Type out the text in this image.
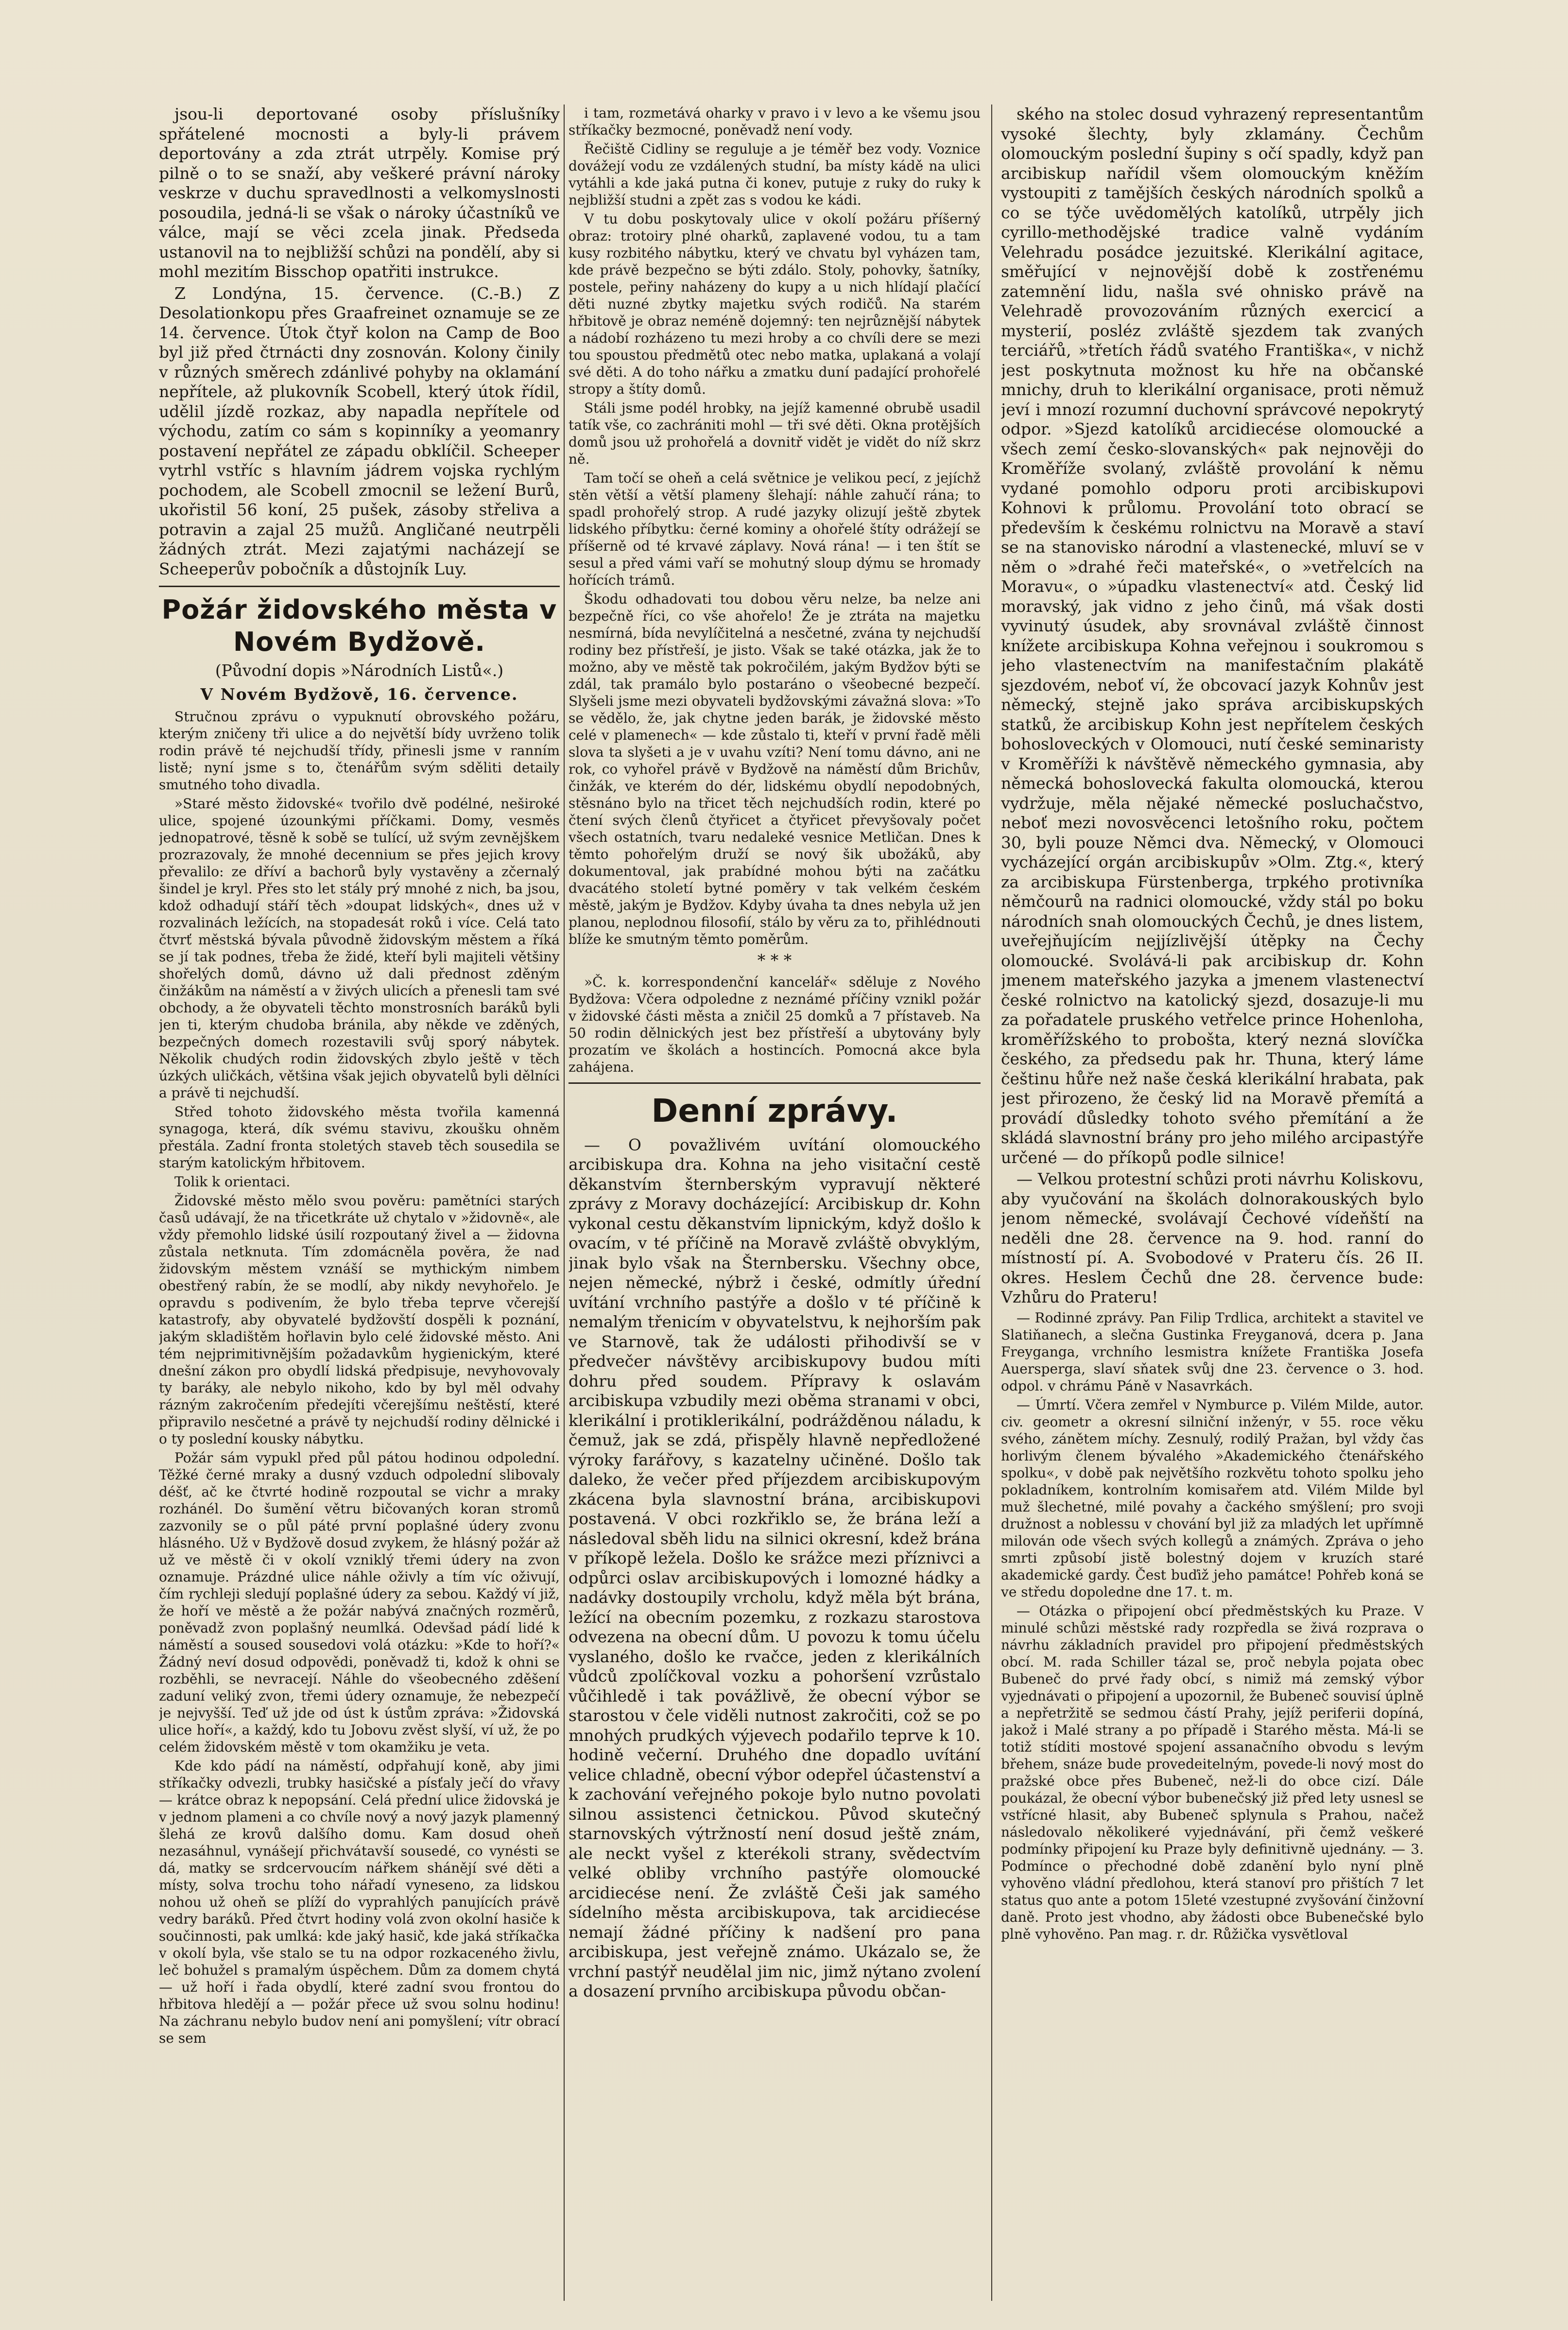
jsou-li deportované osoby příslušníky spřátelené mocnosti a byly-li právem deportovány a zda ztrát utrpěly. Komise prý pilně o to se snaží, aby veškeré právní nároky veskrze v duchu spravedlnosti a velkomyslnosti posoudila, jedná-li se však o nároky účastníků ve válce, mají se věci zcela jinak. Předseda ustanovil na to nejbližší schůzi na pondělí, aby si mohl mezitím Bisschop opatřiti instrukce.

Z Londýna, 15. července. (C.-B.) Z Desolationkopu přes Graafreinet oznamuje se ze 14. července. Útok čtyř kolon na Camp de Boo byl již před čtrnácti dny zosnován. Kolony činily v různých směrech zdánlivé pohyby na oklamání nepřítele, až plukovník Scobell, který útok řídil, udělil jízdě rozkaz, aby napadla nepřítele od východu, zatím co sám s kopinníky a yeomanry postavení nepřátel ze západu obklíčil. Scheeper vytrhl vstříc s hlavním jádrem vojska rychlým pochodem, ale Scobell zmocnil se ležení Burů, ukořistil 56 koní, 25 pušek, zásoby střeliva a potravin a zajal 25 mužů. Angličané neutrpěli žádných ztrát. Mezi zajatými nacházejí se Scheeperův pobočník a důstojník Luy.

Požár židovského města v Novém Bydžově.
(Původní dopis »Národních Listů«.)
V Novém Bydžově, 16. července.

Stručnou zprávu o vypuknutí obrovského požáru, kterým zničeny tři ulice a do největší bídy uvrženo tolik rodin právě té nejchudší třídy, přinesli jsme v ranním listě; nyní jsme s to, čtenářům svým sděliti detaily smutného toho divadla.

»Staré město židovské« tvořilo dvě podélné, neširoké ulice, spojené úzounkými příčkami. Domy, vesměs jednopatrové, těsně k sobě se tulící, už svým zevnějškem prozrazovaly, že mnohé decennium se přes jejich krovy převalilo: ze dříví a bachorů byly vystavěny a zčernalý šindel je kryl. Přes sto let stály prý mnohé z nich, ba jsou, kdož odhadují stáří těch »doupat lidských«, dnes už v rozvalinách ležících, na stopadesát roků i více. Celá tato čtvrť městská bývala původně židovským městem a říká se jí tak podnes, třeba že židé, kteří byli majiteli většiny shořelých domů, dávno už dali přednost zděným činžákům na náměstí a v živých ulicích a přenesli tam své obchody, a že obyvateli těchto monstrosních baráků byli jen ti, kterým chudoba bránila, aby někde ve zděných, bezpečných domech rozestavili svůj sporý nábytek. Několik chudých rodin židovských zbylo ještě v těch úzkých uličkách, většina však jejich obyvatelů byli dělníci a právě ti nejchudší.

Střed tohoto židovského města tvořila kamenná synagoga, která, dík svému stavivu, zkoušku ohněm přestála. Zadní fronta stoletých staveb těch sousedila se starým katolickým hřbitovem.

Tolik k orientaci.

Židovské město mělo svou pověru: pamětníci starých časů udávají, že na třicetkráte už chytalo v »židovně«, ale vždy přemohlo lidské úsilí rozpoutaný živel a — židovna zůstala netknuta. Tím zdomácněla pověra, že nad židovským městem vznáší se mythickým nimbem obestřený rabín, že se modlí, aby nikdy nevyhořelo. Je opravdu s podivením, že bylo třeba teprve včerejší katastrofy, aby obyvatelé bydžovští dospěli k poznání, jakým skladištěm hořlavin bylo celé židovské město. Ani tém nejprimitivnějším požadavkům hygienickým, které dnešní zákon pro obydlí lidská předpisuje, nevyhovovaly ty baráky, ale nebylo nikoho, kdo by byl měl odvahy rázným zakročením předejíti včerejšímu neštěstí, které připravilo nesčetné a právě ty nejchudší rodiny dělnické i o ty poslední kousky nábytku.

Požár sám vypukl před půl pátou hodinou odpolední. Těžké černé mraky a dusný vzduch odpolední slibovaly déšť, ač ke čtvrté hodině rozpoutal se vichr a mraky rozhánél. Do šumění větru bičovaných koran stromů zazvonily se o půl páté první poplašné údery zvonu hlásného. Už v Bydžově dosud zvykem, že hlásný požár až už ve městě či v okolí vzniklý třemi údery na zvon oznamuje. Prázdné ulice náhle oživly a tím víc oživují, čím rychleji sledují poplašné údery za sebou. Každý ví již, že hoří ve městě a že požár nabývá značných rozměrů, poněvadž zvon poplašný neumlká. Odevšad pádí lidé k náměstí a soused sousedovi volá otázku: »Kde to hoří?« Žádný neví dosud odpovědi, poněvadž ti, kdož k ohni se rozběhli, se nevracejí. Náhle do všeobecného zděšení zaduní veliký zvon, třemi údery oznamuje, že nebezpečí je nejvyšší. Teď už jde od úst k ústům zpráva: »Židovská ulice hoří«, a každý, kdo tu Jobovu zvěst slyší, ví už, že po celém židovském městě v tom okamžiku je veta.

Kde kdo pádí na náměstí, odpřahují koně, aby jimi stříkačky odvezli, trubky hasičské a písťaly ječí do vřavy — krátce obraz k nepopsání. Celá přední ulice židovská je v jednom plameni a co chvíle nový a nový jazyk plamenný šlehá ze krovů dalšího domu. Kam dosud oheň nezasáhnul, vynášejí přichvátavší sousedé, co vynésti se dá, matky se srdcervoucím nářkem shánějí své děti a místy, solva trochu toho nářadí vyneseno, za lidskou nohou už oheň se plíží do vyprahlých panujících právě vedry baráků. Před čtvrt hodiny volá zvon okolní hasiče k součinnosti, pak umlká: kde jaký hasič, kde jaká stříkačka v okolí byla, vše stalo se tu na odpor rozkaceného živlu, leč bohužel s pramalým úspěchem. Dům za domem chytá — už hoří i řada obydlí, které zadní svou frontou do hřbitova hledějí a — požár přece už svou solnu hodinu! Na záchranu nebylo budov není ani pomyšlení; vítr obrací se sem

i tam, rozmetává oharky v pravo i v levo a ke všemu jsou stříkačky bezmocné, poněvadž není vody.

Řečiště Cidliny se reguluje a je téměř bez vody. Voznice dovážejí vodu ze vzdálených studní, ba místy kádě na ulici vytáhli a kde jaká putna či konev, putuje z ruky do ruky k nejbližší studni a zpět zas s vodou ke kádi.

V tu dobu poskytovaly ulice v okolí požáru příšerný obraz: trotoiry plné oharků, zaplavené vodou, tu a tam kusy rozbitého nábytku, který ve chvatu byl vyházen tam, kde právě bezpečno se býti zdálo. Stoly, pohovky, šatníky, postele, peřiny naházeny do kupy a u nich hlídají plačící děti nuzné zbytky majetku svých rodičů. Na starém hřbitově je obraz neméně dojemný: ten nejrůznější nábytek a nádobí rozházeno tu mezi hroby a co chvíli dere se mezi tou spoustou předmětů otec nebo matka, uplakaná a volají své děti. A do toho nářku a zmatku duní padající prohořelé stropy a štíty domů.

Stáli jsme podél hrobky, na jejíž kamenné obrubě usadil tatík vše, co zachrániti mohl — tři své děti. Okna protějších domů jsou už prohořelá a dovnitř vidět je vidět do níž skrz ně.

Tam točí se oheň a celá světnice je velikou pecí, z jejíchž stěn větší a větší plameny šlehají: náhle zahučí rána; to spadl prohořelý strop. A rudé jazyky olizují ještě zbytek lidského příbytku: černé kominy a ohořelé štíty odrážejí se příšerně od té krvavé záplavy. Nová rána! — i ten štít se sesul a před vámi vaří se mohutný sloup dýmu se hromady hořících trámů.

Škodu odhadovati tou dobou věru nelze, ba nelze ani bezpečně říci, co vše ahořelo! Že je ztráta na majetku nesmírná, bída nevylíčitelná a nesčetné, zvána ty nejchudší rodiny bez přístřeší, je jisto. Však se také otázka, jak že to možno, aby ve městě tak pokročilém, jakým Bydžov býti se zdál, tak pramálo bylo postaráno o všeobecné bezpečí. Slyšeli jsme mezi obyvateli bydžovskými závažná slova: »To se vědělo, že, jak chytne jeden barák, je židovské město celé v plamenech« — kde zůstalo ti, kteří v první řadě měli slova ta slyšeti a je v uvahu vzíti? Není tomu dávno, ani ne rok, co vyhořel právě v Bydžově na náměstí dům Brichův, činžák, ve kterém do dér, lidskému obydlí nepodobných, stěsnáno bylo na třicet těch nejchudších rodin, které po čtení svých členů čtyřicet a čtyřicet převyšovaly počet všech ostatních, tvaru nedaleké vesnice Metličan. Dnes k těmto pohořelým druží se nový šik ubožáků, aby dokumentoval, jak prabídné mohou býti na začátku dvacátého století bytné poměry v tak velkém českém městě, jakým je Bydžov. Kdyby úvaha ta dnes nebyla už jen planou, neplodnou filosofií, stálo by věru za to, přihlédnouti blíže ke smutným těmto poměrům.

* * *

»Č. k. korrespondenční kancelář« sděluje z Nového Bydžova: Včera odpoledne z neznámé příčiny vznikl požár v židovské části města a zničil 25 domků a 7 přístaveb. Na 50 rodin dělnických jest bez přístřeší a ubytovány byly prozatím ve školách a hostincích. Pomocná akce byla zahájena.

Denní zprávy.

— O považlivém uvítání olomouckého arcibiskupa dra. Kohna na jeho visitační cestě děkanstvím šternberským vypravují některé zprávy z Moravy docházející: Arcibiskup dr. Kohn vykonal cestu děkanstvím lipnickým, když došlo k ovacím, v té příčině na Moravě zvláště obvyklým, jinak bylo však na Šternbersku. Všechny obce, nejen německé, nýbrž i české, odmítly úřední uvítání vrchního pastýře a došlo v té příčině k nemalým třenicím v obyvatelstvu, k nejhorším pak ve Starnově, tak že události přihodivší se v předvečer návštěvy arcibiskupovy budou míti dohru před soudem. Přípravy k oslavám arcibiskupa vzbudily mezi oběma stranami v obci, klerikální i protiklerikální, podrážděnou náladu, k čemuž, jak se zdá, přispěly hlavně nepředložené výroky farářovy, s kazatelny učiněné. Došlo tak daleko, že večer před příjezdem arcibiskupovým zkácena byla slavnostní brána, arcibiskupovi postavená. V obci rozkřiklo se, že brána leží a následoval sběh lidu na silnici okresní, kdež brána v příkopě ležela. Došlo ke srážce mezi příznivci a odpůrci oslav arcibiskupových i lomozné hádky a nadávky dostoupily vrcholu, když měla být brána, ležící na obecním pozemku, z rozkazu starostova odvezena na obecní dům. U povozu k tomu účelu vyslaného, došlo ke rvačce, jeden z klerikálních vůdců zpolíčkoval vozku a pohoršení vzrůstalo vůčihledě i tak povážlivě, že obecní výbor se starostou v čele viděli nutnost zakročiti, což se po mnohých prudkých výjevech podařilo teprve k 10. hodině večerní. Druhého dne dopadlo uvítání velice chladně, obecní výbor odepřel účastenství a k zachování veřejného pokoje bylo nutno povolati silnou assistenci četnickou. Původ skutečný starnovských výtržností není dosud ještě znám, ale neckt vyšel z kterékoli strany, svědectvím velké obliby vrchního pastýře olomoucké arcidiecése není. Že zvláště Češi jak samého sídelního města arcibiskupova, tak arcidiecése nemají žádné příčiny k nadšení pro pana arcibiskupa, jest veřejně známo. Ukázalo se, že vrchní pastýř neudělal jim nic, jimž nýtano zvolení a dosazení prvního arcibiskupa původu občan-

ského na stolec dosud vyhrazený representantům vysoké šlechty, byly zklamány. Čechům olomouckým poslední šupiny s očí spadly, když pan arcibiskup nařídil všem olomouckým kněžím vystoupiti z tamějších českých národních spolků a co se týče uvědomělých katolíků, utrpěly jich cyrillo-methodějské tradice valně vydáním Velehradu posádce jezuitské. Klerikální agitace, směřující v nejnovější době k zostřenému zatemnění lidu, našla své ohnisko právě na Velehradě provozováním různých exercicí a mysterií, posléz zvláště sjezdem tak zvaných terciářů, »třetích řádů svatého Františka«, v nichž jest poskytnuta možnost ku hře na občanské mnichy, druh to klerikální organisace, proti němuž jeví i mnozí rozumní duchovní správcové nepokrytý odpor. »Sjezd katolíků arcidiecése olomoucké a všech zemí česko-slovanských« pak nejnověji do Kroměříže svolaný, zvláště provolání k němu vydané pomohlo odporu proti arcibiskupovi Kohnovi k průlomu. Provolání toto obrací se především k českému rolnictvu na Moravě a staví se na stanovisko národní a vlastenecké, mluví se v něm o »drahé řeči mateřské«, o »vetřelcích na Moravu«, o »úpadku vlastenectví« atd. Český lid moravský, jak vidno z jeho činů, má však dosti vyvinutý úsudek, aby srovnával zvláště činnost knížete arcibiskupa Kohna veřejnou i soukromou s jeho vlastenectvím na manifestačním plakátě sjezdovém, neboť ví, že obcovací jazyk Kohnův jest německý, stejně jako správa arcibiskupských statků, že arcibiskup Kohn jest nepřítelem českých bohosloveckých v Olomouci, nutí české seminaristy v Kroměříži k návštěvě německého gymnasia, aby německá bohoslovecká fakulta olomoucká, kterou vydržuje, měla nějaké německé posluchačstvo, neboť mezi novosvěcenci letošního roku, počtem 30, byli pouze Němci dva. Německý, v Olomouci vycházející orgán arcibiskupův »Olm. Ztg.«, který za arcibiskupa Fürstenberga, trpkého protivníka němčourů na radnici olomoucké, vždy stál po boku národních snah olomouckých Čechů, je dnes listem, uveřejňujícím nejjízlivější útěpky na Čechy olomoucké. Svolává-li pak arcibiskup dr. Kohn jmenem mateřského jazyka a jmenem vlastenectví české rolnictvo na katolický sjezd, dosazuje-li mu za pořadatele pruského vetřelce prince Hohenloha, kroměřížského to probošta, který nezná slovíčka českého, za předsedu pak hr. Thuna, který láme češtinu hůře než naše česká klerikální hrabata, pak jest přirozeno, že český lid na Moravě přemítá a provádí důsledky tohoto svého přemítání a že skládá slavnostní brány pro jeho milého arcipastýře určené — do příkopů podle silnice!

— Velkou protestní schůzi proti návrhu Koliskovu, aby vyučování na školách dolnorakouských bylo jenom německé, svolávají Čechové vídeňští na neděli dne 28. července na 9. hod. ranní do místností pí. A. Svobodové v Prateru čís. 26 II. okres. Heslem Čechů dne 28. července bude: Vzhůru do Prateru!

— Rodinné zprávy. Pan Filip Trdlica, architekt a stavitel ve Slatiňanech, a slečna Gustinka Freyganová, dcera p. Jana Freyganga, vrchního lesmistra knížete Františka Josefa Auersperga, slaví sňatek svůj dne 23. července o 3. hod. odpol. v chrámu Páně v Nasavrkách.

— Úmrtí. Včera zemřel v Nymburce p. Vilém Milde, autor. civ. geometr a okresní silniční inženýr, v 55. roce věku svého, zánětem míchy. Zesnulý, rodilý Pražan, byl vždy čas horlivým členem bývalého »Akademického čtenářského spolku«, v době pak největšího rozkvětu tohoto spolku jeho pokladníkem, kontrolním komisařem atd. Vilém Milde byl muž šlechetné, milé povahy a čackého smýšlení; pro svoji družnost a noblessu v chování byl již za mladých let upřímně milován ode všech svých kollegů a známých. Zpráva o jeho smrti způsobí jistě bolestný dojem v kruzích staré akademické gardy. Čest buďiž jeho památce! Pohřeb koná se ve středu dopoledne dne 17. t. m.

— Otázka o připojení obcí předměstských ku Praze. V minulé schůzi městské rady rozpředla se živá rozprava o návrhu základních pravidel pro připojení předměstských obcí. M. rada Schiller tázal se, proč nebyla pojata obec Bubeneč do prvé řady obcí, s nimiž má zemský výbor vyjednávati o připojení a upozornil, že Bubeneč souvisí úplně a nepřetržitě se sedmou částí Prahy, jejíž periferii dopíná, jakož i Malé strany a po případě i Starého města. Má-li se totiž stíditi mostové spojení assanačního obvodu s levým břehem, snáze bude provedeitelným, povede-li nový most do pražské obce přes Bubeneč, než-li do obce cizí. Dále poukázal, že obecní výbor bubenečský již před lety usnesl se vstřícné hlasit, aby Bubeneč splynula s Prahou, načež následovalo několikeré vyjednávání, při čemž veškeré podmínky připojení ku Praze byly definitivně ujednány. — 3. Podmínce o přechodné době zdanění bylo nyní plně vyhověno vládní předlohou, která stanoví pro přištích 7 let status quo ante a potom 15leté vzestupné zvyšování činžovní daně. Proto jest vhodno, aby žádosti obce Bubenečské bylo plně vyhověno. Pan mag. r. dr. Růžička vysvětloval
